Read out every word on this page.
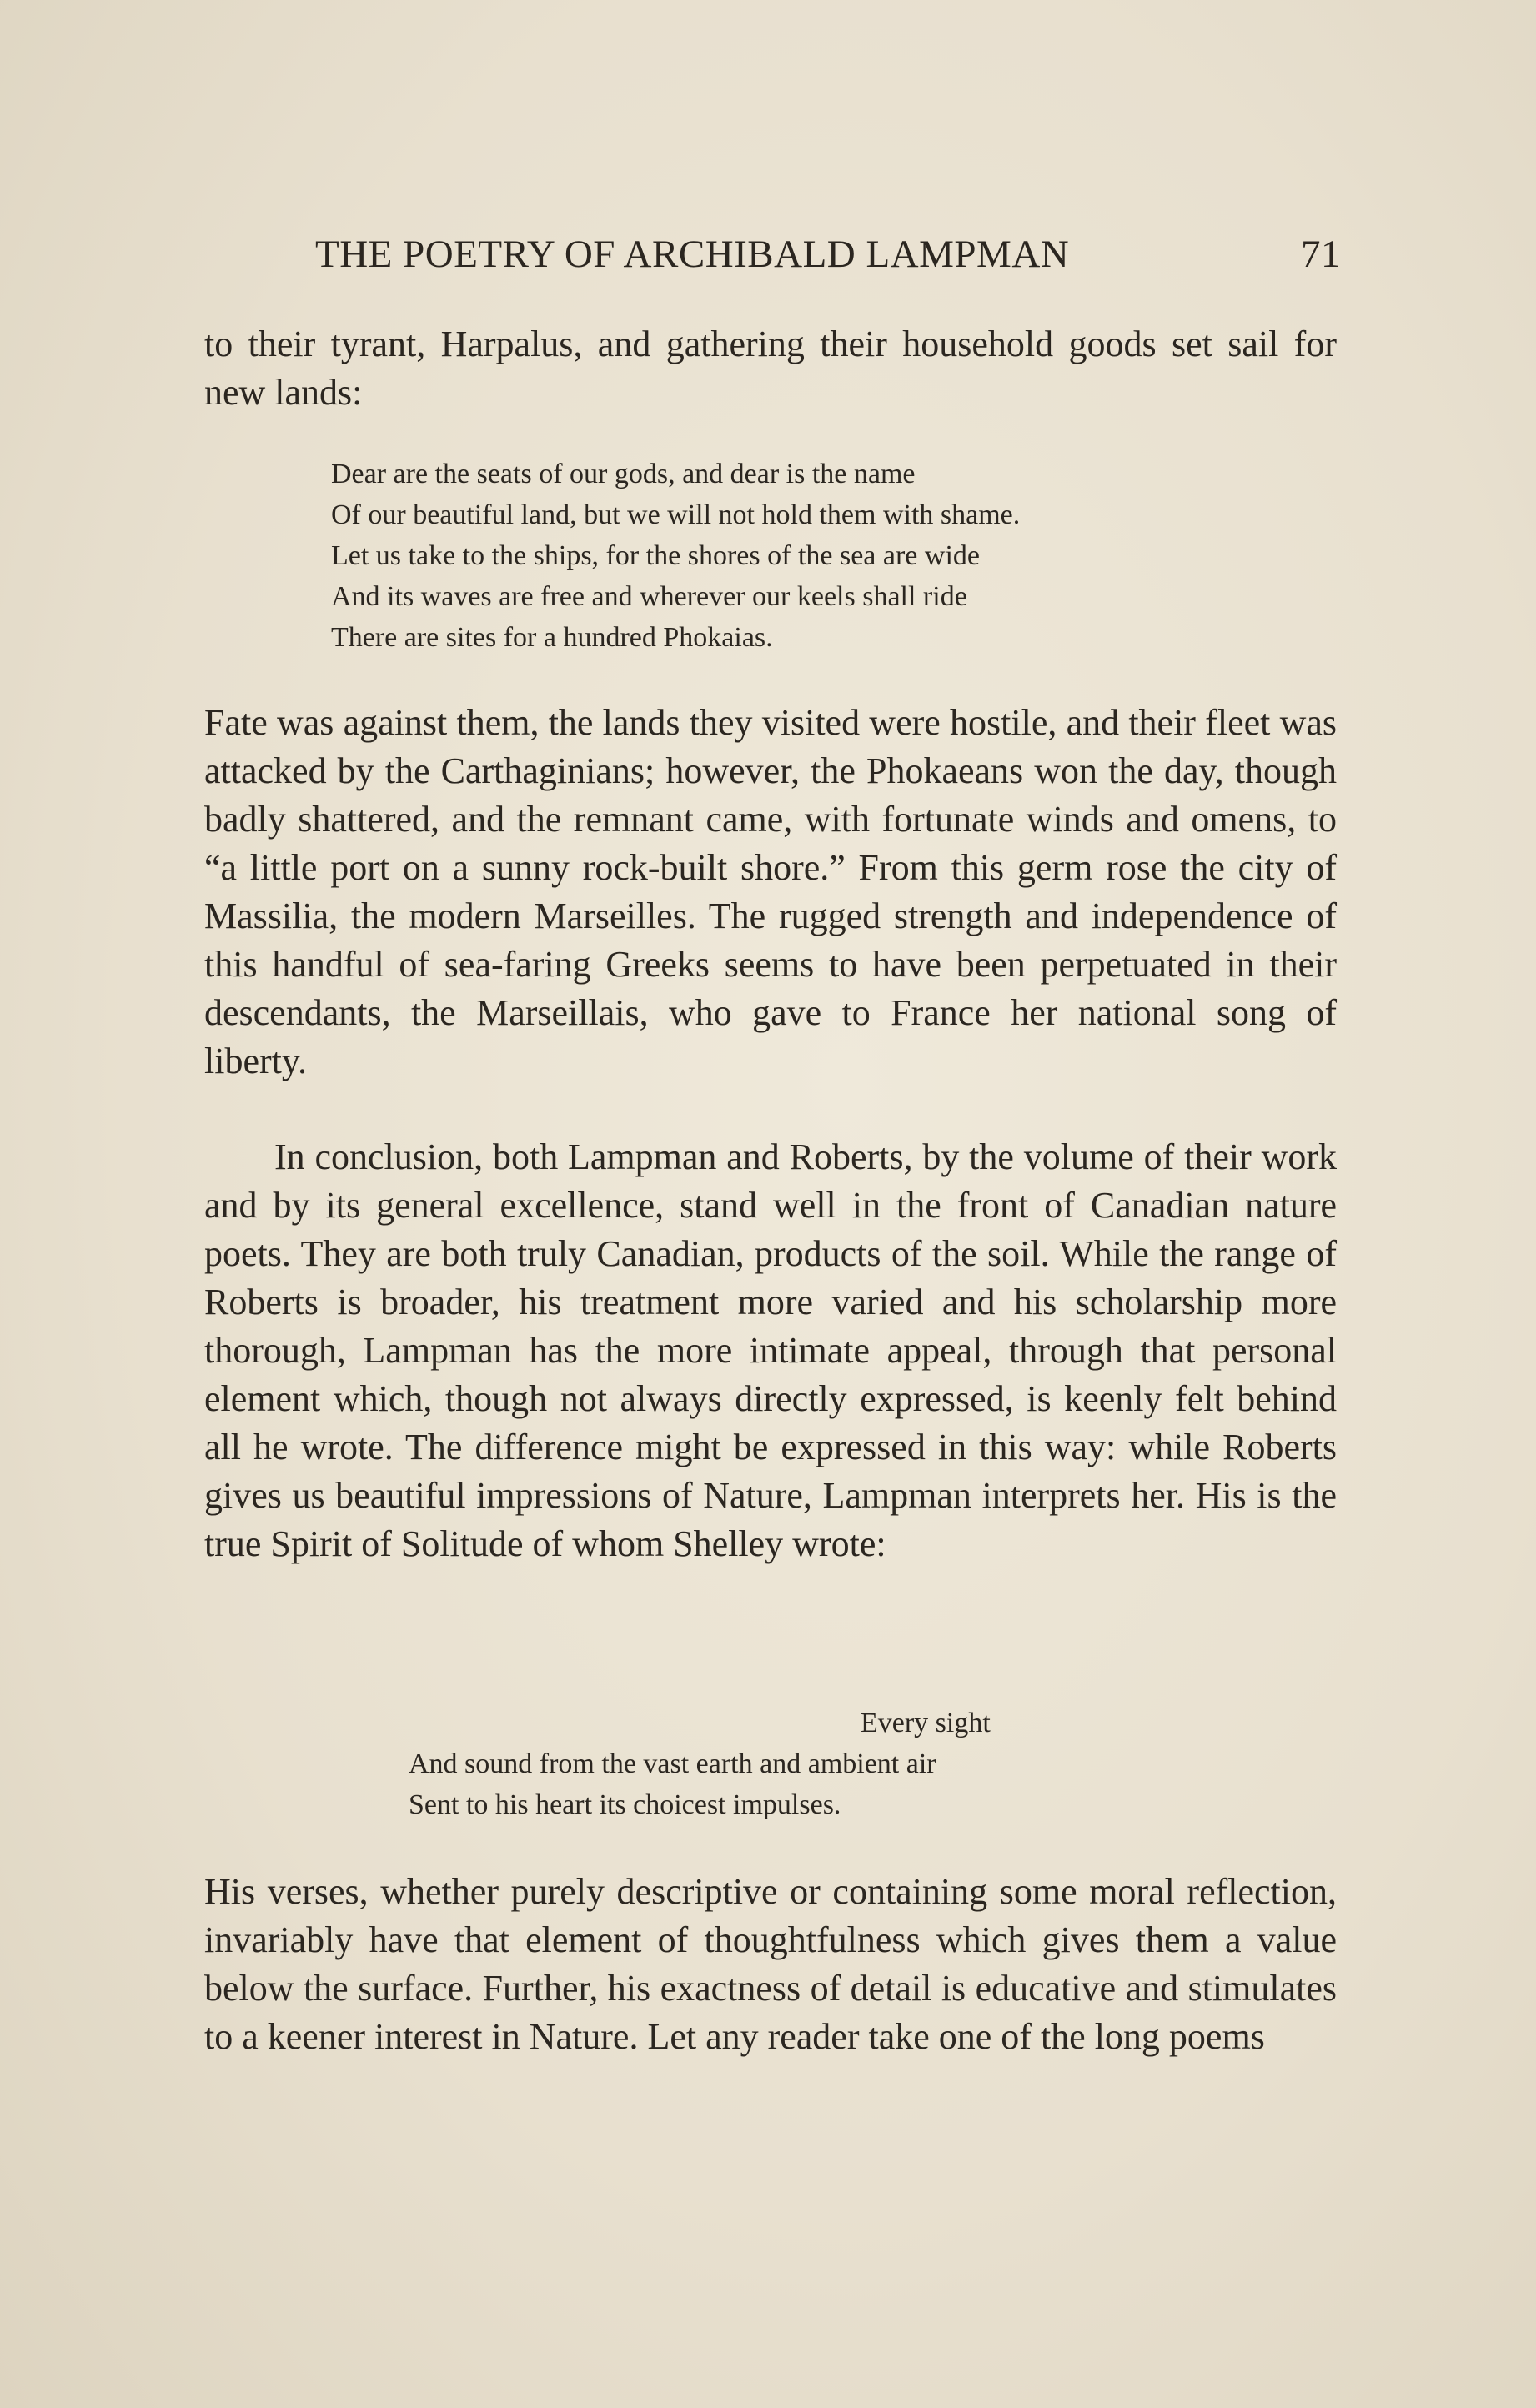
THE POETRY OF ARCHIBALD LAMPMAN	71

to their tyrant, Harpalus, and gathering their household goods set sail for new lands:

Dear are the seats of our gods, and dear is the name
Of our beautiful land, but we will not hold them with shame.
Let us take to the ships, for the shores of the sea are wide
And its waves are free and wherever our keels shall ride
There are sites for a hundred Phokaias.

Fate was against them, the lands they visited were hostile, and their fleet was attacked by the Carthaginians; however, the Phokaeans won the day, though badly shattered, and the remnant came, with fortunate winds and omens, to “a little port on a sunny rock-built shore.” From this germ rose the city of Massilia, the modern Marseilles. The rugged strength and independence of this handful of sea-faring Greeks seems to have been perpetuated in their descendants, the Marseillais, who gave to France her national song of liberty.

In conclusion, both Lampman and Roberts, by the volume of their work and by its general excellence, stand well in the front of Canadian nature poets. They are both truly Canadian, products of the soil. While the range of Roberts is broader, his treatment more varied and his scholarship more thorough, Lampman has the more intimate appeal, through that personal element which, though not always directly expressed, is keenly felt behind all he wrote. The difference might be expressed in this way: while Roberts gives us beautiful impressions of Nature, Lampman interprets her. His is the true Spirit of Solitude of whom Shelley wrote:

Every sight
And sound from the vast earth and ambient air
Sent to his heart its choicest impulses.

His verses, whether purely descriptive or containing some moral reflection, invariably have that element of thoughtfulness which gives them a value below the surface. Further, his exactness of detail is educative and stimulates to a keener interest in Nature. Let any reader take one of the long poems
